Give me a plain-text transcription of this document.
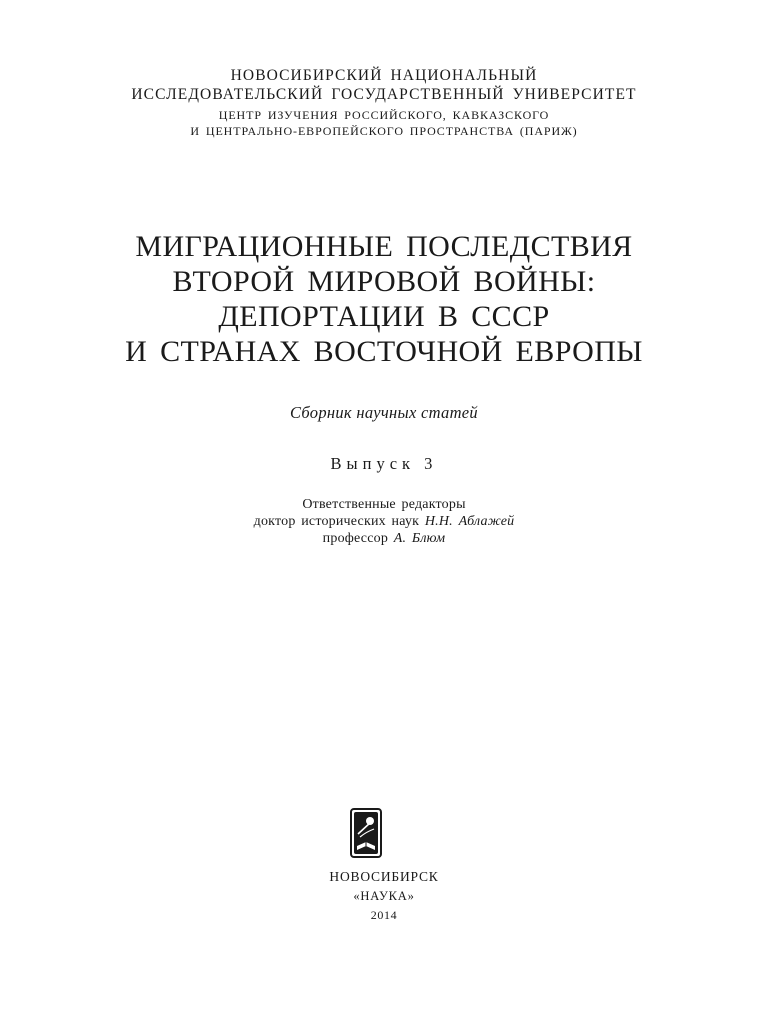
НОВОСИБИРСКИЙ НАЦИОНАЛЬНЫЙ
ИССЛЕДОВАТЕЛЬСКИЙ ГОСУДАРСТВЕННЫЙ УНИВЕРСИТЕТ
ЦЕНТР ИЗУЧЕНИЯ РОССИЙСКОГО, КАВКАЗСКОГО
И ЦЕНТРАЛЬНО-ЕВРОПЕЙСКОГО ПРОСТРАНСТВА (ПАРИЖ)
МИГРАЦИОННЫЕ ПОСЛЕДСТВИЯ
ВТОРОЙ МИРОВОЙ ВОЙНЫ:
ДЕПОРТАЦИИ В СССР
И СТРАНАХ ВОСТОЧНОЙ ЕВРОПЫ
Сборник научных статей
Выпуск 3
Ответственные редакторы
доктор исторических наук Н.Н. Аблажей
профессор А. Блюм
НОВОСИБИРСК
«НАУКА»
2014
